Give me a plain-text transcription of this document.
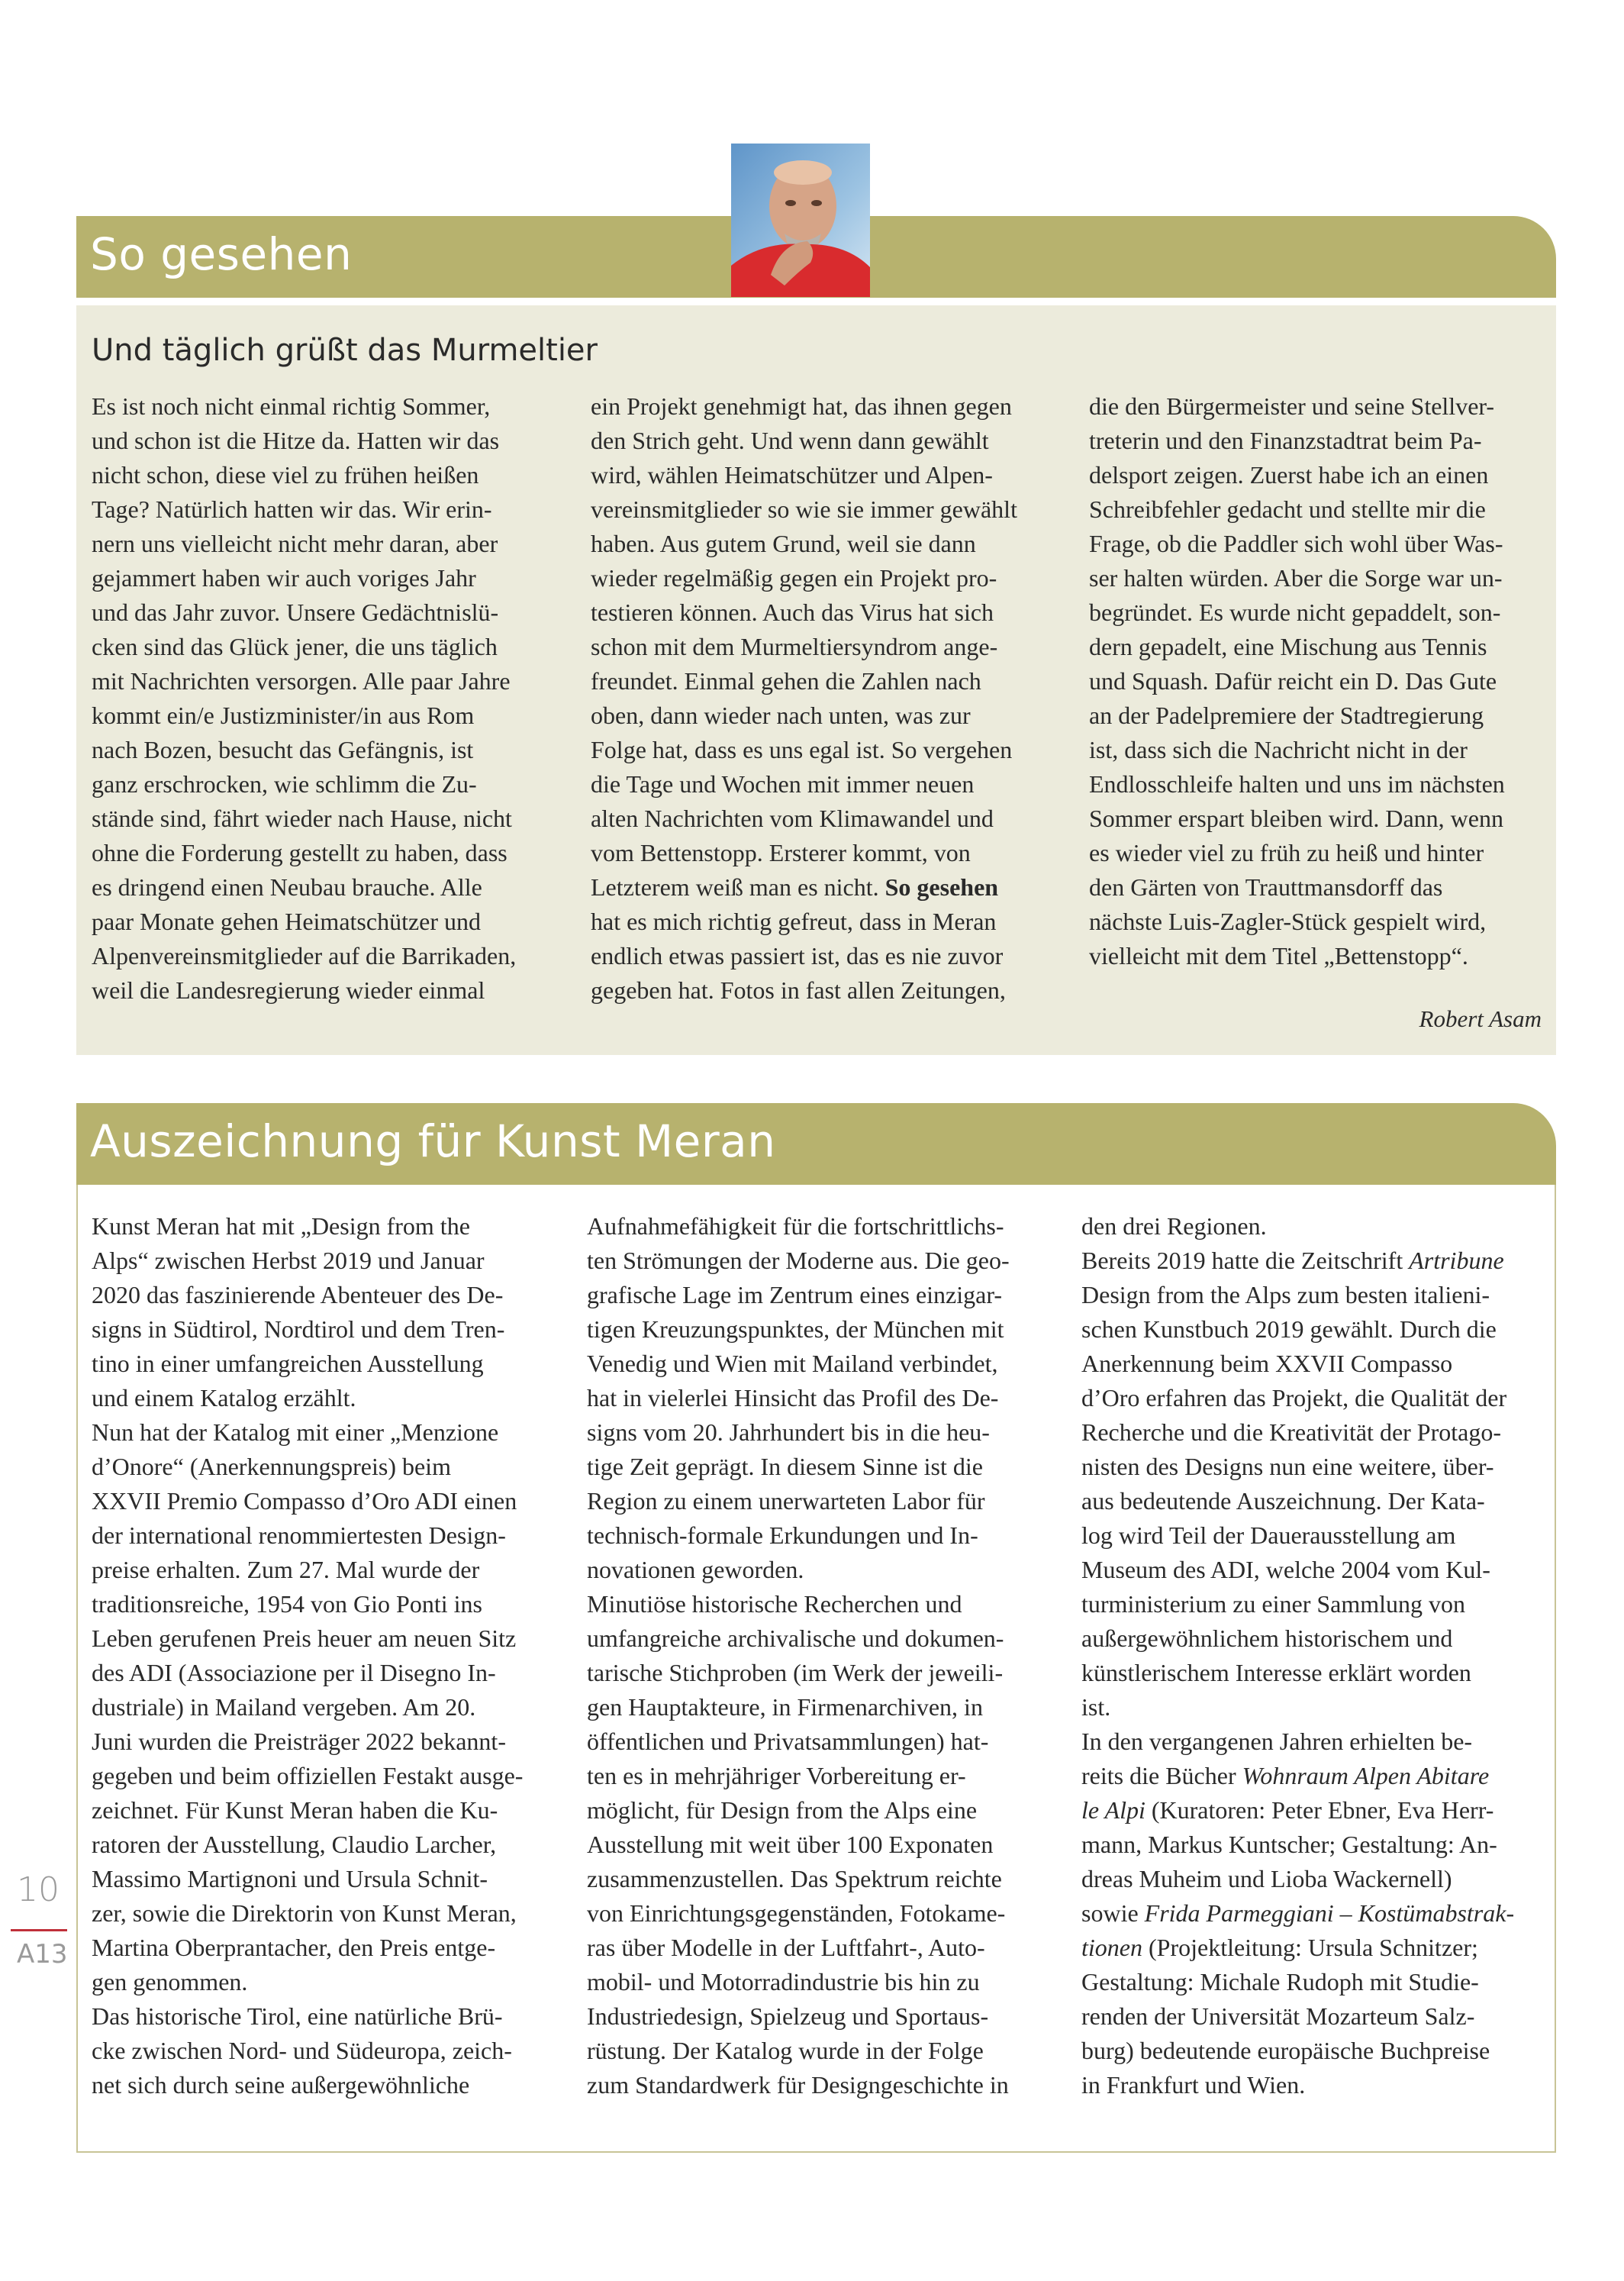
So gesehen
Und täglich grüßt das Murmeltier

Es ist noch nicht einmal richtig Sommer,
und schon ist die Hitze da. Hatten wir das
nicht schon, diese viel zu frühen heißen
Tage? Natürlich hatten wir das. Wir erin-
nern uns vielleicht nicht mehr daran, aber
gejammert haben wir auch voriges Jahr
und das Jahr zuvor. Unsere Gedächtnislü-
cken sind das Glück jener, die uns täglich
mit Nachrichten versorgen. Alle paar Jahre
kommt ein/e Justizminister/in aus Rom
nach Bozen, besucht das Gefängnis, ist
ganz erschrocken, wie schlimm die Zu-
stände sind, fährt wieder nach Hause, nicht
ohne die Forderung gestellt zu haben, dass
es dringend einen Neubau brauche. Alle
paar Monate gehen Heimatschützer und
Alpenvereinsmitglieder auf die Barrikaden,
weil die Landesregierung wieder einmal

ein Projekt genehmigt hat, das ihnen gegen
den Strich geht. Und wenn dann gewählt
wird, wählen Heimatschützer und Alpen-
vereinsmitglieder so wie sie immer gewählt
haben. Aus gutem Grund, weil sie dann
wieder regelmäßig gegen ein Projekt pro-
testieren können. Auch das Virus hat sich
schon mit dem Murmeltiersyndrom ange-
freundet. Einmal gehen die Zahlen nach
oben, dann wieder nach unten, was zur
Folge hat, dass es uns egal ist. So vergehen
die Tage und Wochen mit immer neuen
alten Nachrichten vom Klimawandel und
vom Bettenstopp. Ersterer kommt, von
Letzterem weiß man es nicht. So gesehen
hat es mich richtig gefreut, dass in Meran
endlich etwas passiert ist, das es nie zuvor
gegeben hat. Fotos in fast allen Zeitungen,

die den Bürgermeister und seine Stellver-
treterin und den Finanzstadtrat beim Pa-
delsport zeigen. Zuerst habe ich an einen
Schreibfehler gedacht und stellte mir die
Frage, ob die Paddler sich wohl über Was-
ser halten würden. Aber die Sorge war un-
begründet. Es wurde nicht gepaddelt, son-
dern gepadelt, eine Mischung aus Tennis
und Squash. Dafür reicht ein D. Das Gute
an der Padelpremiere der Stadtregierung
ist, dass sich die Nachricht nicht in der
Endlosschleife halten und uns im nächsten
Sommer erspart bleiben wird. Dann, wenn
es wieder viel zu früh zu heiß und hinter
den Gärten von Trauttmansdorff das
nächste Luis-Zagler-Stück gespielt wird,
vielleicht mit dem Titel „Bettenstopp“.

Robert Asam
Auszeichnung für Kunst Meran

Kunst Meran hat mit „Design from the
Alps“ zwischen Herbst 2019 und Januar
2020 das faszinierende Abenteuer des De-
signs in Südtirol, Nordtirol und dem Tren-
tino in einer umfangreichen Ausstellung
und einem Katalog erzählt.
Nun hat der Katalog mit einer „Menzione
d’Onore“ (Anerkennungspreis) beim
XXVII Premio Compasso d’Oro ADI einen
der international renommiertesten Design-
preise erhalten. Zum 27. Mal wurde der
traditionsreiche, 1954 von Gio Ponti ins
Leben gerufenen Preis heuer am neuen Sitz
des ADI (Associazione per il Disegno In-
dustriale) in Mailand vergeben. Am 20.
Juni wurden die Preisträger 2022 bekannt-
gegeben und beim offiziellen Festakt ausge-
zeichnet. Für Kunst Meran haben die Ku-
ratoren der Ausstellung, Claudio Larcher,
Massimo Martignoni und Ursula Schnit-
zer, sowie die Direktorin von Kunst Meran,
Martina Oberprantacher, den Preis entge-
gen genommen.
Das historische Tirol, eine natürliche Brü-
cke zwischen Nord- und Südeuropa, zeich-
net sich durch seine außergewöhnliche

Aufnahmefähigkeit für die fortschrittlichs-
ten Strömungen der Moderne aus. Die geo-
grafische Lage im Zentrum eines einzigar-
tigen Kreuzungspunktes, der München mit
Venedig und Wien mit Mailand verbindet,
hat in vielerlei Hinsicht das Profil des De-
signs vom 20. Jahrhundert bis in die heu-
tige Zeit geprägt. In diesem Sinne ist die
Region zu einem unerwarteten Labor für
technisch-formale Erkundungen und In-
novationen geworden.
Minutiöse historische Recherchen und
umfangreiche archivalische und dokumen-
tarische Stichproben (im Werk der jeweili-
gen Hauptakteure, in Firmenarchiven, in
öffentlichen und Privatsammlungen) hat-
ten es in mehrjähriger Vorbereitung er-
möglicht, für Design from the Alps eine
Ausstellung mit weit über 100 Exponaten
zusammenzustellen. Das Spektrum reichte
von Einrichtungsgegenständen, Fotokame-
ras über Modelle in der Luftfahrt-, Auto-
mobil- und Motorradindustrie bis hin zu
Industriedesign, Spielzeug und Sportaus-
rüstung. Der Katalog wurde in der Folge
zum Standardwerk für Designgeschichte in

den drei Regionen.
Bereits 2019 hatte die Zeitschrift Artribune
Design from the Alps zum besten italieni-
schen Kunstbuch 2019 gewählt. Durch die
Anerkennung beim XXVII Compasso
d’Oro erfahren das Projekt, die Qualität der
Recherche und die Kreativität der Protago-
nisten des Designs nun eine weitere, über-
aus bedeutende Auszeichnung. Der Kata-
log wird Teil der Dauerausstellung am
Museum des ADI, welche 2004 vom Kul-
turministerium zu einer Sammlung von
außergewöhnlichem historischem und
künstlerischem Interesse erklärt worden
ist.
In den vergangenen Jahren erhielten be-
reits die Bücher Wohnraum Alpen Abitare
le Alpi (Kuratoren: Peter Ebner, Eva Herr-
mann, Markus Kuntscher; Gestaltung: An-
dreas Muheim und Lioba Wackernell)
sowie Frida Parmeggiani – Kostümabstrak-
tionen (Projektleitung: Ursula Schnitzer;
Gestaltung: Michale Rudoph mit Studie-
renden der Universität Mozarteum Salz-
burg) bedeutende europäische Buchpreise
in Frankfurt und Wien.

10
A13
